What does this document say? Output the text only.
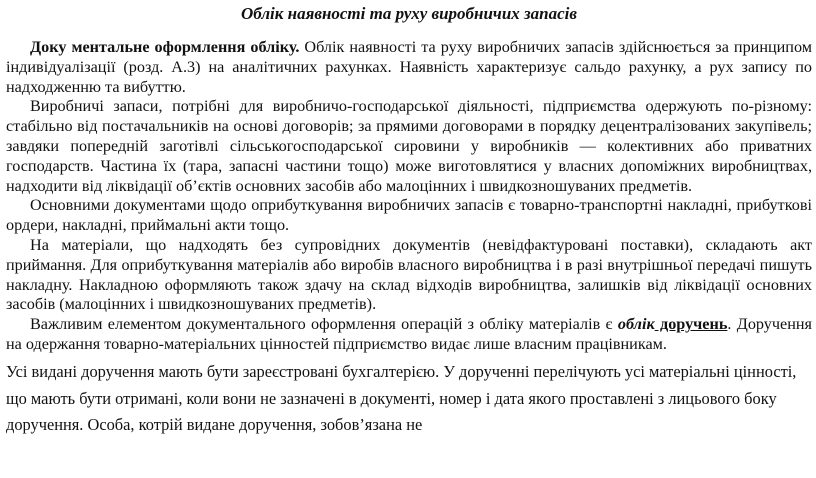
Облік наявності та руху виробничих запасів

Доку ментальне оформлення обліку. Облік наявності та руху виробничих запасів здійснюється за принципом індивідуалізації (розд. А.3) на аналітичних рахунках. Наявність характеризує сальдо рахунку, а рух запису по надходженню та вибуттю.

Виробничі запаси, потрібні для виробничо-господарської діяльності, підприємства одержують по-різному: стабільно від постачальників на основі договорів; за прямими договорами в порядку децентралізованих закупівель; завдяки попередній заготівлі сільськогосподарської сировини у виробників — колективних або приватних господарств. Частина їх (тара, запасні частини тощо) може виготовлятися у власних допоміжних виробництвах, надходити від ліквідації об’єктів основних засобів або малоцінних і швидкозношуваних предметів.

Основними документами щодо оприбуткування виробничих запасів є товарно-транспортні накладні, прибуткові ордери, накладні, приймальні акти тощо.

На матеріали, що надходять без супровідних документів (невідфактуровані поставки), складають акт приймання. Для оприбуткування матеріалів або виробів власного виробництва і в разі внутрішньої передачі пишуть накладну. Накладною оформляють також здачу на склад відходів виробництва, залишків від ліквідації основних засобів (малоцінних і швидкозношуваних предметів).

Важливим елементом документального оформлення операцій з обліку матеріалів є облік доручень. Доручення на одержання товарно-матеріальних цінностей підприємство видає лише власним працівникам.

Усі видані доручення мають бути зареєстровані бухгалтерією. У дорученні перелічують усі матеріальні цінності, що мають бути отримані, коли вони не зазначені в документі, номер і дата якого проставлені з лицьового боку доручення. Особа, котрій видане доручення, зобов’язана не
